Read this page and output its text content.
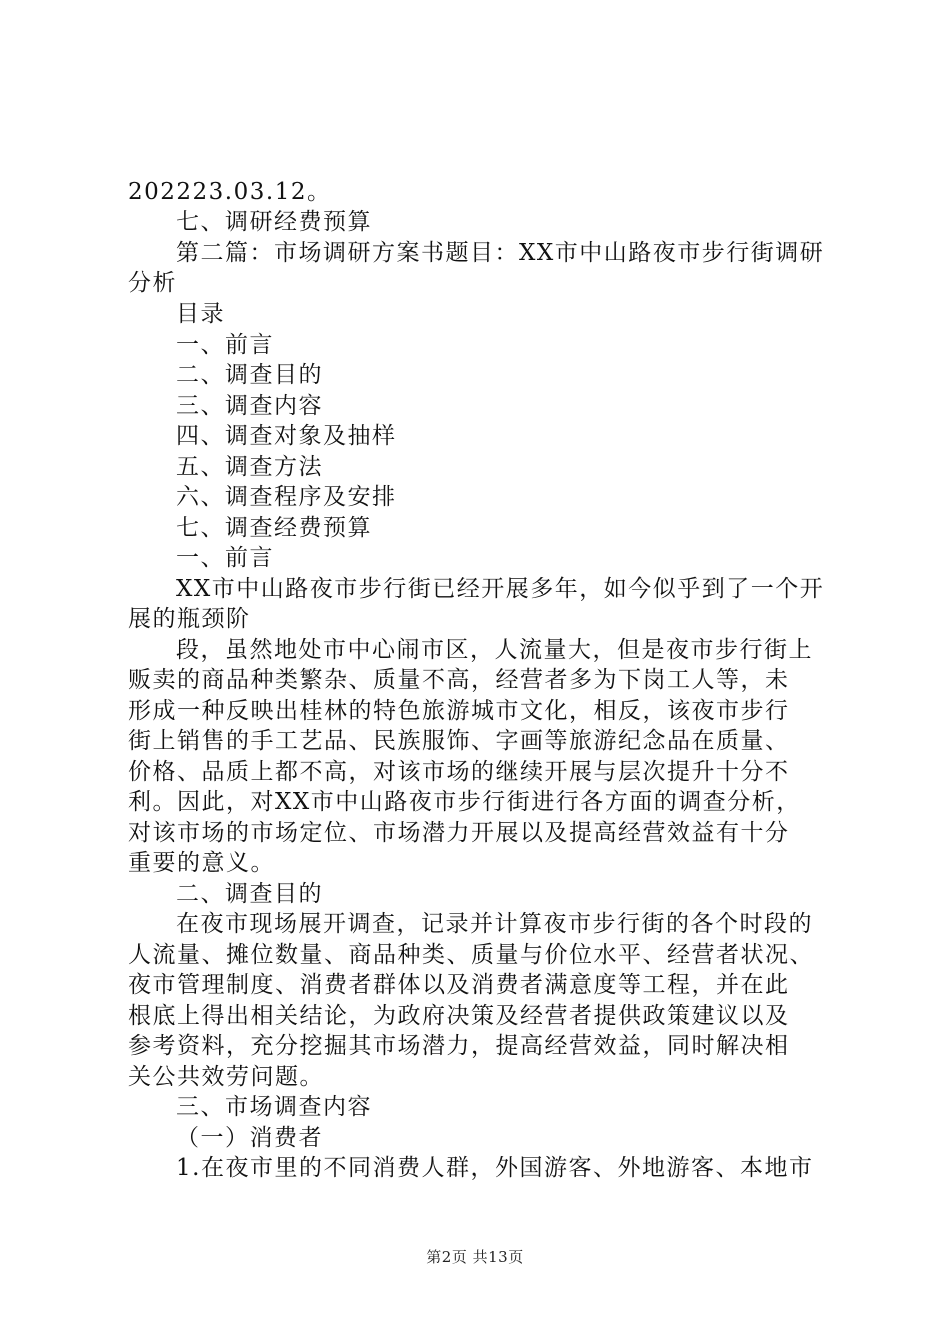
202223.03.12。
七、调研经费预算
第二篇：市场调研方案书题目：XX市中山路夜市步行街调研
分析
目录
一、前言
二、调查目的
三、调查内容
四、调查对象及抽样
五、调查方法
六、调查程序及安排
七、调查经费预算
一、前言
XX市中山路夜市步行街已经开展多年，如今似乎到了一个开
展的瓶颈阶
段，虽然地处市中心闹市区，人流量大，但是夜市步行街上
贩卖的商品种类繁杂、质量不高，经营者多为下岗工人等，未
形成一种反映出桂林的特色旅游城市文化，相反，该夜市步行
街上销售的手工艺品、民族服饰、字画等旅游纪念品在质量、
价格、品质上都不高，对该市场的继续开展与层次提升十分不
利。因此，对XX市中山路夜市步行街进行各方面的调查分析，
对该市场的市场定位、市场潜力开展以及提高经营效益有十分
重要的意义。
二、调查目的
在夜市现场展开调查，记录并计算夜市步行街的各个时段的
人流量、摊位数量、商品种类、质量与价位水平、经营者状况、
夜市管理制度、消费者群体以及消费者满意度等工程，并在此
根底上得出相关结论，为政府决策及经营者提供政策建议以及
参考资料，充分挖掘其市场潜力，提高经营效益，同时解决相
关公共效劳问题。
三、市场调查内容
（一）消费者
1.在夜市里的不同消费人群，外国游客、外地游客、本地市
第2页 共13页
